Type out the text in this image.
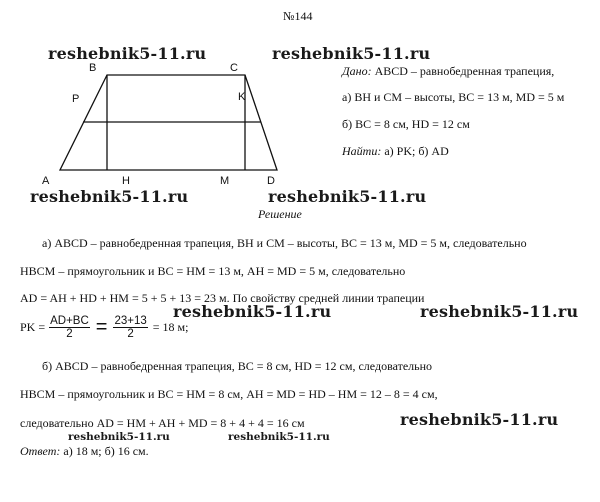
№144
reshebnik5-11.ru	reshebnik5-11.ru
reshebnik5-11.ru	reshebnik5-11.ru
reshebnik5-11.ru	reshebnik5-11.ru
reshebnik5-11.ru
reshebnik5-11.ru	reshebnik5-11.ru
B	C
P	K
A	H	M	D
Дано: ABCD – равнобедренная трапеция,
а) BH и CM – высоты, BC = 13 м, MD = 5 м
б) BC = 8 см, HD = 12 см
Найти: а) PK; б) AD
Решение
а) ABCD – равнобедренная трапеция, BH и CM – высоты, BC = 13 м, MD = 5 м, следовательно
HBCM – прямоугольник и BC = HM = 13 м, AH = MD = 5 м, следовательно
AD = AH + HD + HM = 5 + 5 + 13 = 23 м. По свойству средней линии трапеции
PK = $\frac{AD+BC}{2} = \frac{23+13}{2} = 18$ м;
б) ABCD – равнобедренная трапеция, BC = 8 см, HD = 12 см, следовательно
HBCM – прямоугольник и BC = HM = 8 см, AH = MD = HD – HM = 12 – 8 = 4 см,
следовательно AD = HM + AH + MD = 8 + 4 + 4 = 16 см
Ответ: а) 18 м; б) 16 см.
